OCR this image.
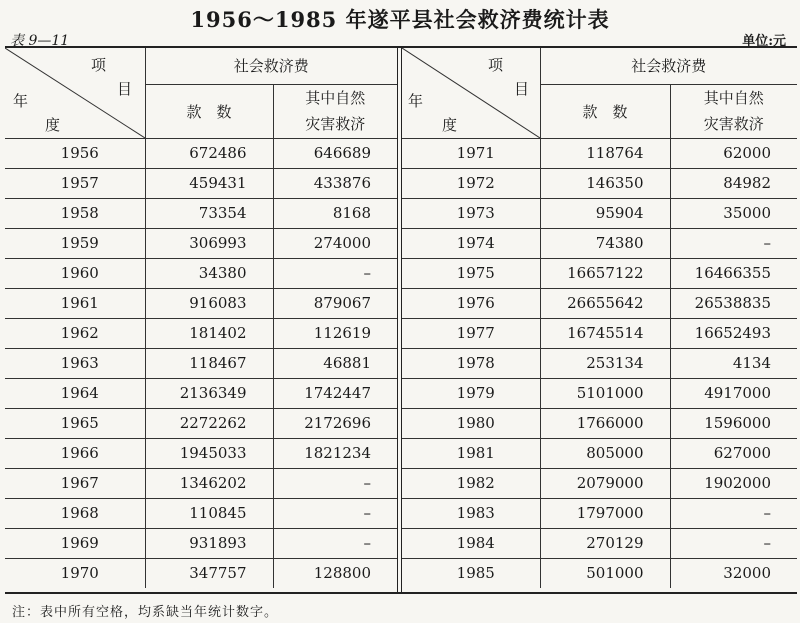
1956～1985 年遂平县社会救济费统计表
表 9—11	单位:元
项
目
年
度	社会救济费	
	款　数	其中自然
灾害救济

1956	672486	646689
1957	459431	433876
1958	73354	8168
1959	306993	274000
1960	34380	–
1961	916083	879067
1962	181402	112619
1963	118467	46881
1964	2136349	1742447
1965	2272262	2172696
1966	1945033	1821234
1967	1346202	–
1968	110845	–
1969	931893	–
1970	347757	128800
项
目
年
度	社会救济费	
	款　数	其中自然
灾害救济

1971	118764	62000
1972	146350	84982
1973	95904	35000
1974	74380	–
1975	16657122	16466355
1976	26655642	26538835
1977	16745514	16652493
1978	253134	4134
1979	5101000	4917000
1980	1766000	1596000
1981	805000	627000
1982	2079000	1902000
1983	1797000	–
1984	270129	–
1985	501000	32000
注：表中所有空格，均系缺当年统计数字。
